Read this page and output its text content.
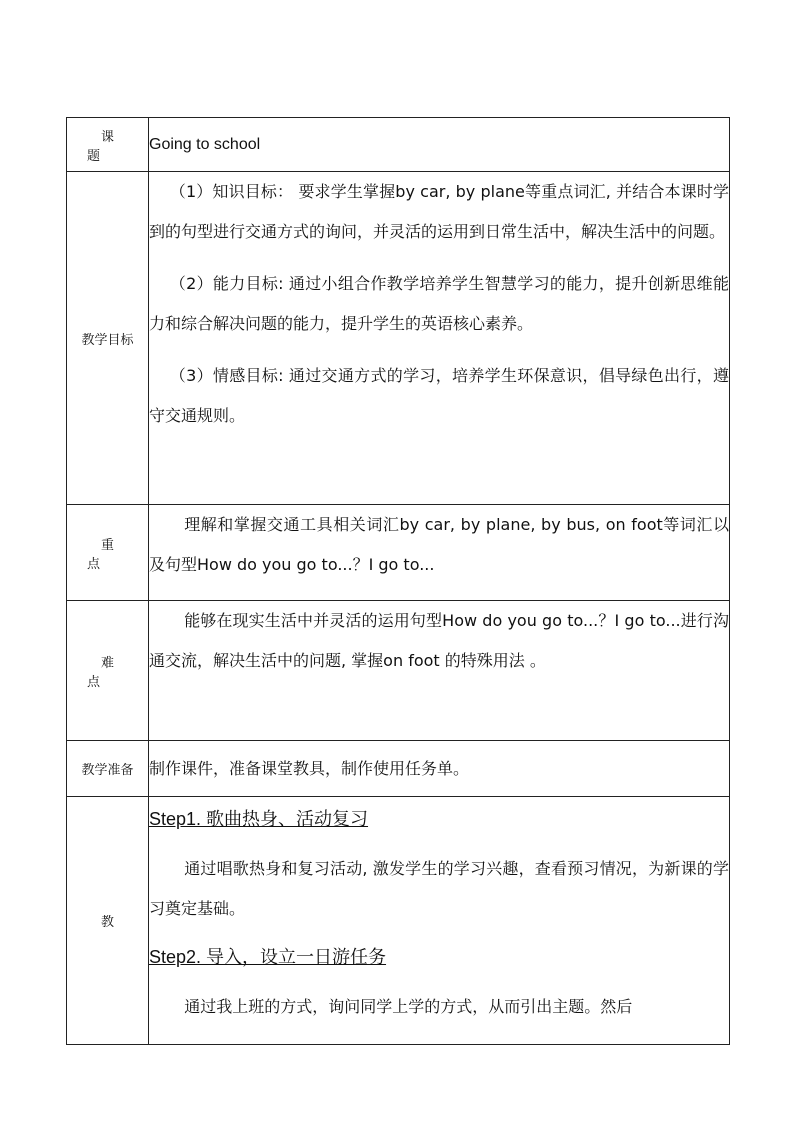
课题	Going to school
教学目标	（1）知识目标： 要求学生掌握by car, by plane等重点词汇, 并结合本课时学到的句型进行交通方式的询问，并灵活的运用到日常生活中，解决生活中的问题。

（2）能力目标: 通过小组合作教学培养学生智慧学习的能力，提升创新思维能力和综合解决问题的能力，提升学生的英语核心素养。

（3）情感目标: 通过交通方式的学习，培养学生环保意识，倡导绿色出行，遵守交通规则。

重点	理解和掌握交通工具相关词汇by car, by plane, by bus, on foot等词汇以及句型How do you go to...？I go to...

难点	能够在现实生活中并灵活的运用句型How do you go to...？I go to...进行沟通交流，解决生活中的问题, 掌握on foot 的特殊用法 。

教学准备	制作课件，准备课堂教具，制作使用任务单。

教	Step1. 歌曲热身、活动复习

通过唱歌热身和复习活动, 激发学生的学习兴趣，查看预习情况，为新课的学习奠定基础。

Step2. 导入，设立一日游任务

通过我上班的方式，询问同学上学的方式，从而引出主题。然后
